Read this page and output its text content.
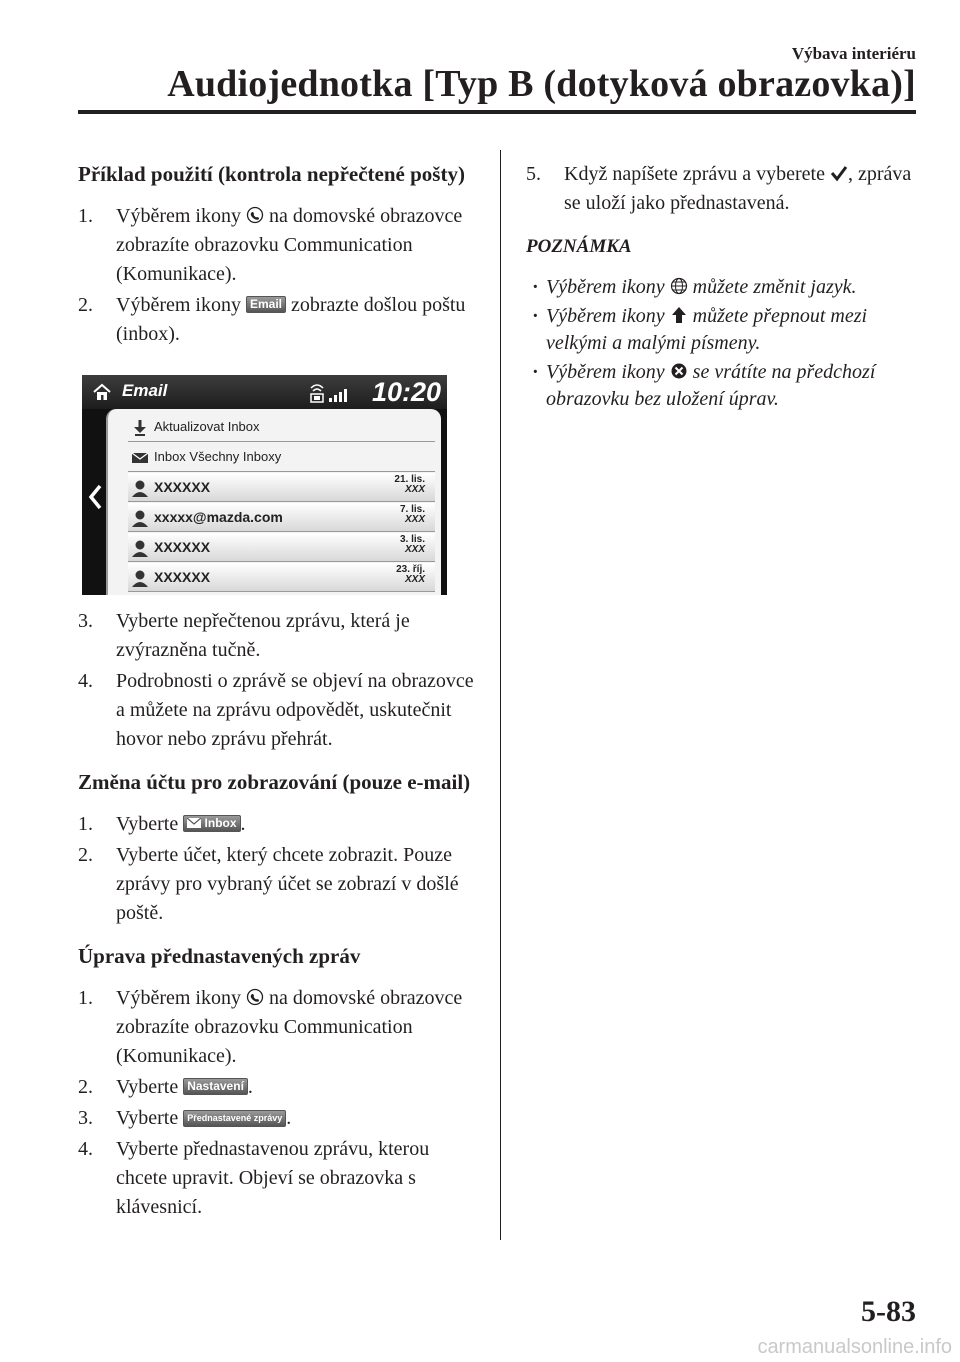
Výbava interiéru
Audiojednotka [Typ B (dotyková obrazovka)]
Příklad použití (kontrola nepřečtené pošty)
1. Výběrem ikony na domovské obrazovce zobrazíte obrazovku Communication (Komunikace).
2. Výběrem ikony Email zobrazte došlou poštu (inbox).
Email	10:20
Aktualizovat Inbox
Inbox Všechny Inboxy
XXXXXX	21. lis.
XXX
xxxxx@mazda.com	7. lis.
XXX
XXXXXX	3. lis.
XXX
XXXXXX	23. říj.
XXX
3. Vyberte nepřečtenou zprávu, která je zvýrazněna tučně.
4. Podrobnosti o zprávě se objeví na obrazovce a můžete na zprávu odpovědět, uskutečnit hovor nebo zprávu přehrát.
Změna účtu pro zobrazování (pouze e-mail)
1. Vyberte Inbox .
2. Vyberte účet, který chcete zobrazit. Pouze zprávy pro vybraný účet se zobrazí v došlé poště.
Úprava přednastavených zpráv
1. Výběrem ikony na domovské obrazovce zobrazíte obrazovku Communication (Komunikace).
2. Vyberte Nastavení .
3. Vyberte Přednastavené zprávy .
4. Vyberte přednastavenou zprávu, kterou chcete upravit. Objeví se obrazovka s klávesnicí.
5. Když napíšete zprávu a vyberete , zpráva se uloží jako přednastavená.
POZNÁMKA
· Výběrem ikony můžete změnit jazyk.
· Výběrem ikony můžete přepnout mezi velkými a malými písmeny.
· Výběrem ikony se vrátíte na předchozí obrazovku bez uložení úprav.
5-83
carmanualsonline.info
